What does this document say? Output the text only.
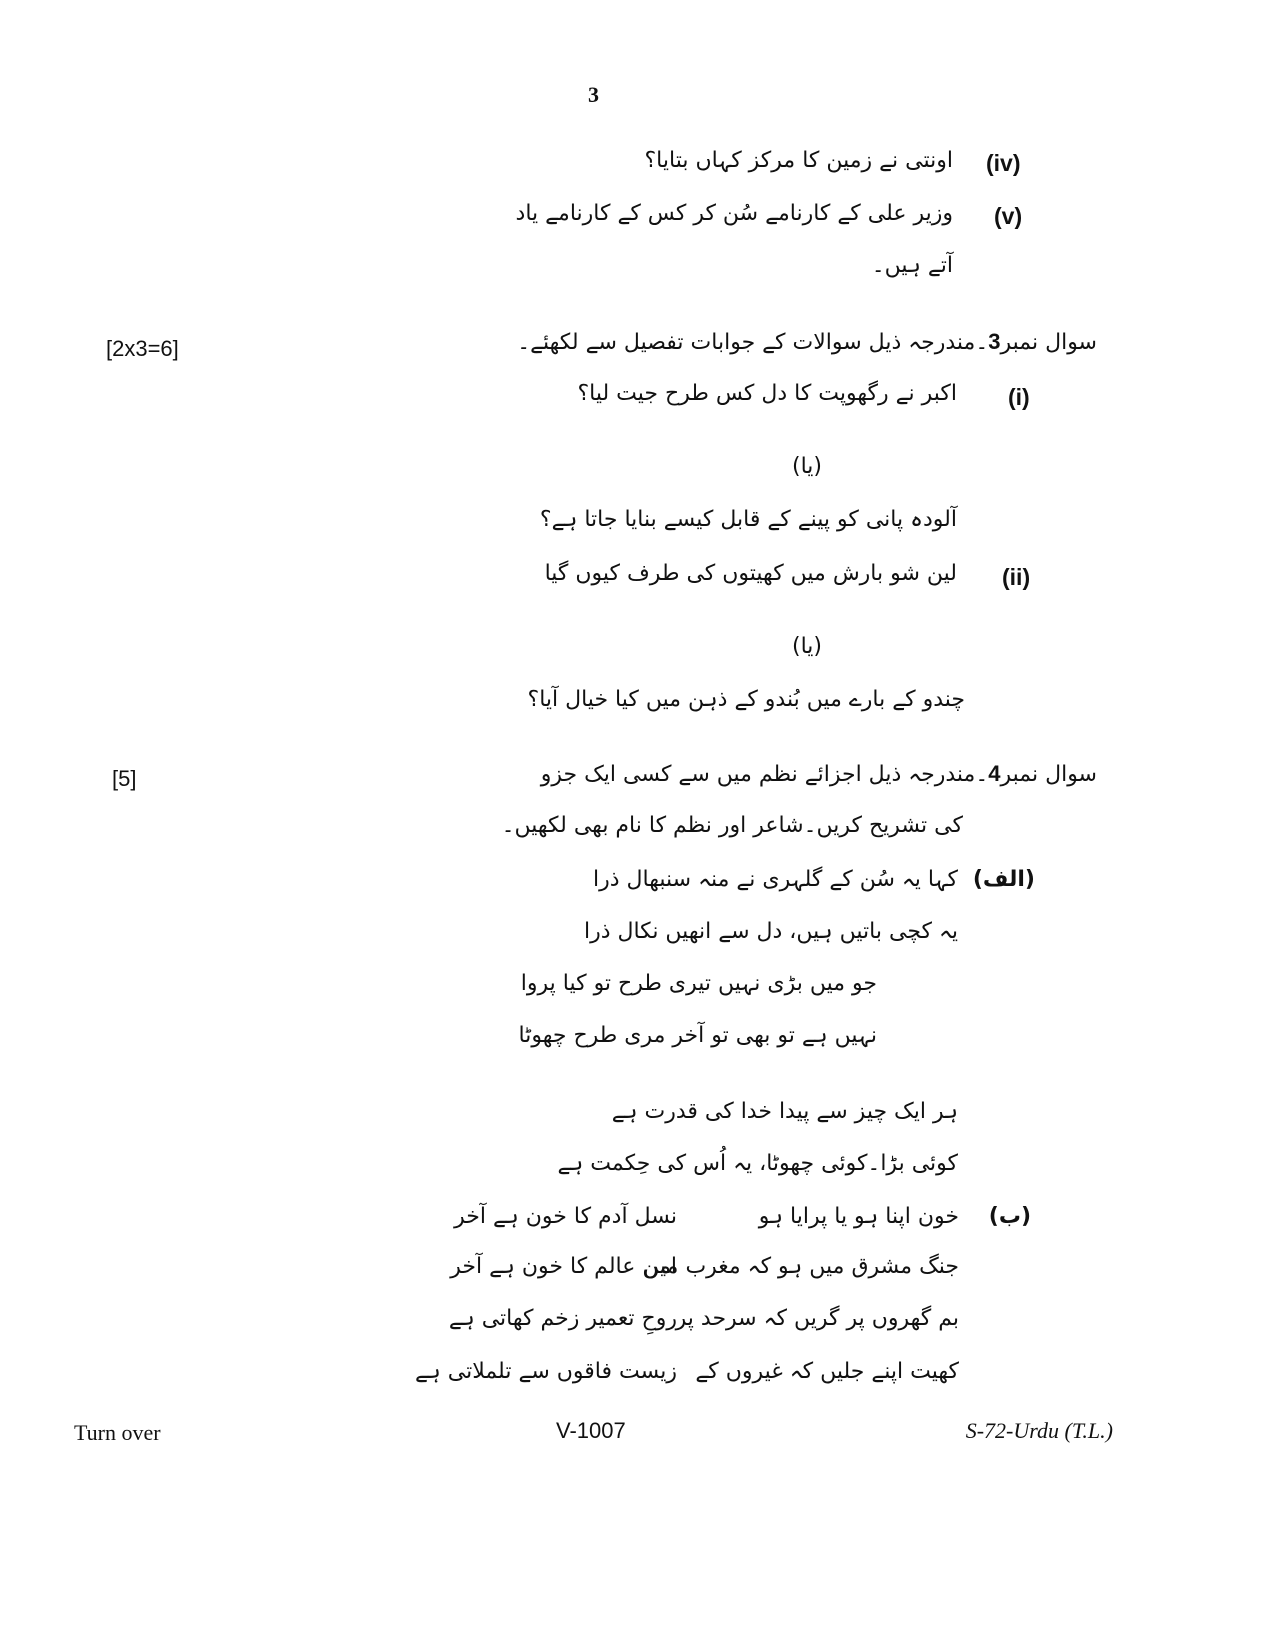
3
(iv)
اونتی نے زمین کا مرکز کہاں بتایا؟
(v)
وزیر علی کے کارنامے سُن کر کس کے کارنامے یاد
آتے ہیں۔
[2x3=6]	سوال نمبر3۔مندرجہ ذیل سوالات کے جوابات تفصیل سے لکھئے۔
(i)
اکبر نے رگھوپت کا دل کس طرح جیت لیا؟
(یا)
آلودہ پانی کو پینے کے قابل کیسے بنایا جاتا ہے؟
(ii)
لین شو بارش میں کھیتوں کی طرف کیوں گیا
(یا)
چندو کے بارے میں بُندو کے ذہن میں کیا خیال آیا؟
[5]	سوال نمبر4۔مندرجہ ذیل اجزائے نظم میں سے کسی ایک جزو
کی تشریح کریں۔شاعر اور نظم کا نام بھی لکھیں۔
(الف)
کہا یہ سُن کے گلہری نے منہ سنبھال ذرا
یہ کچی باتیں ہیں، دل سے انھیں نکال ذرا
جو میں بڑی نہیں تیری طرح تو کیا پروا
نہیں ہے تو بھی تو آخر مری طرح چھوٹا
ہر ایک چیز سے پیدا خدا کی قدرت ہے
کوئی بڑا۔کوئی چھوٹا، یہ اُس کی حِکمت ہے
(ب)
خون اپنا ہو یا پرایا ہو
نسل آدم کا خون ہے آخر
جنگ مشرق میں ہو کہ مغرب میں
امن عالم کا خون ہے آخر
بم گھروں پر گریں کہ سرحد پر
روحِ تعمیر زخم کھاتی ہے
کھیت اپنے جلیں کہ غیروں کے
زیست فاقوں سے تلملاتی ہے
Turn over	V-1007	S-72-Urdu (T.L.)
